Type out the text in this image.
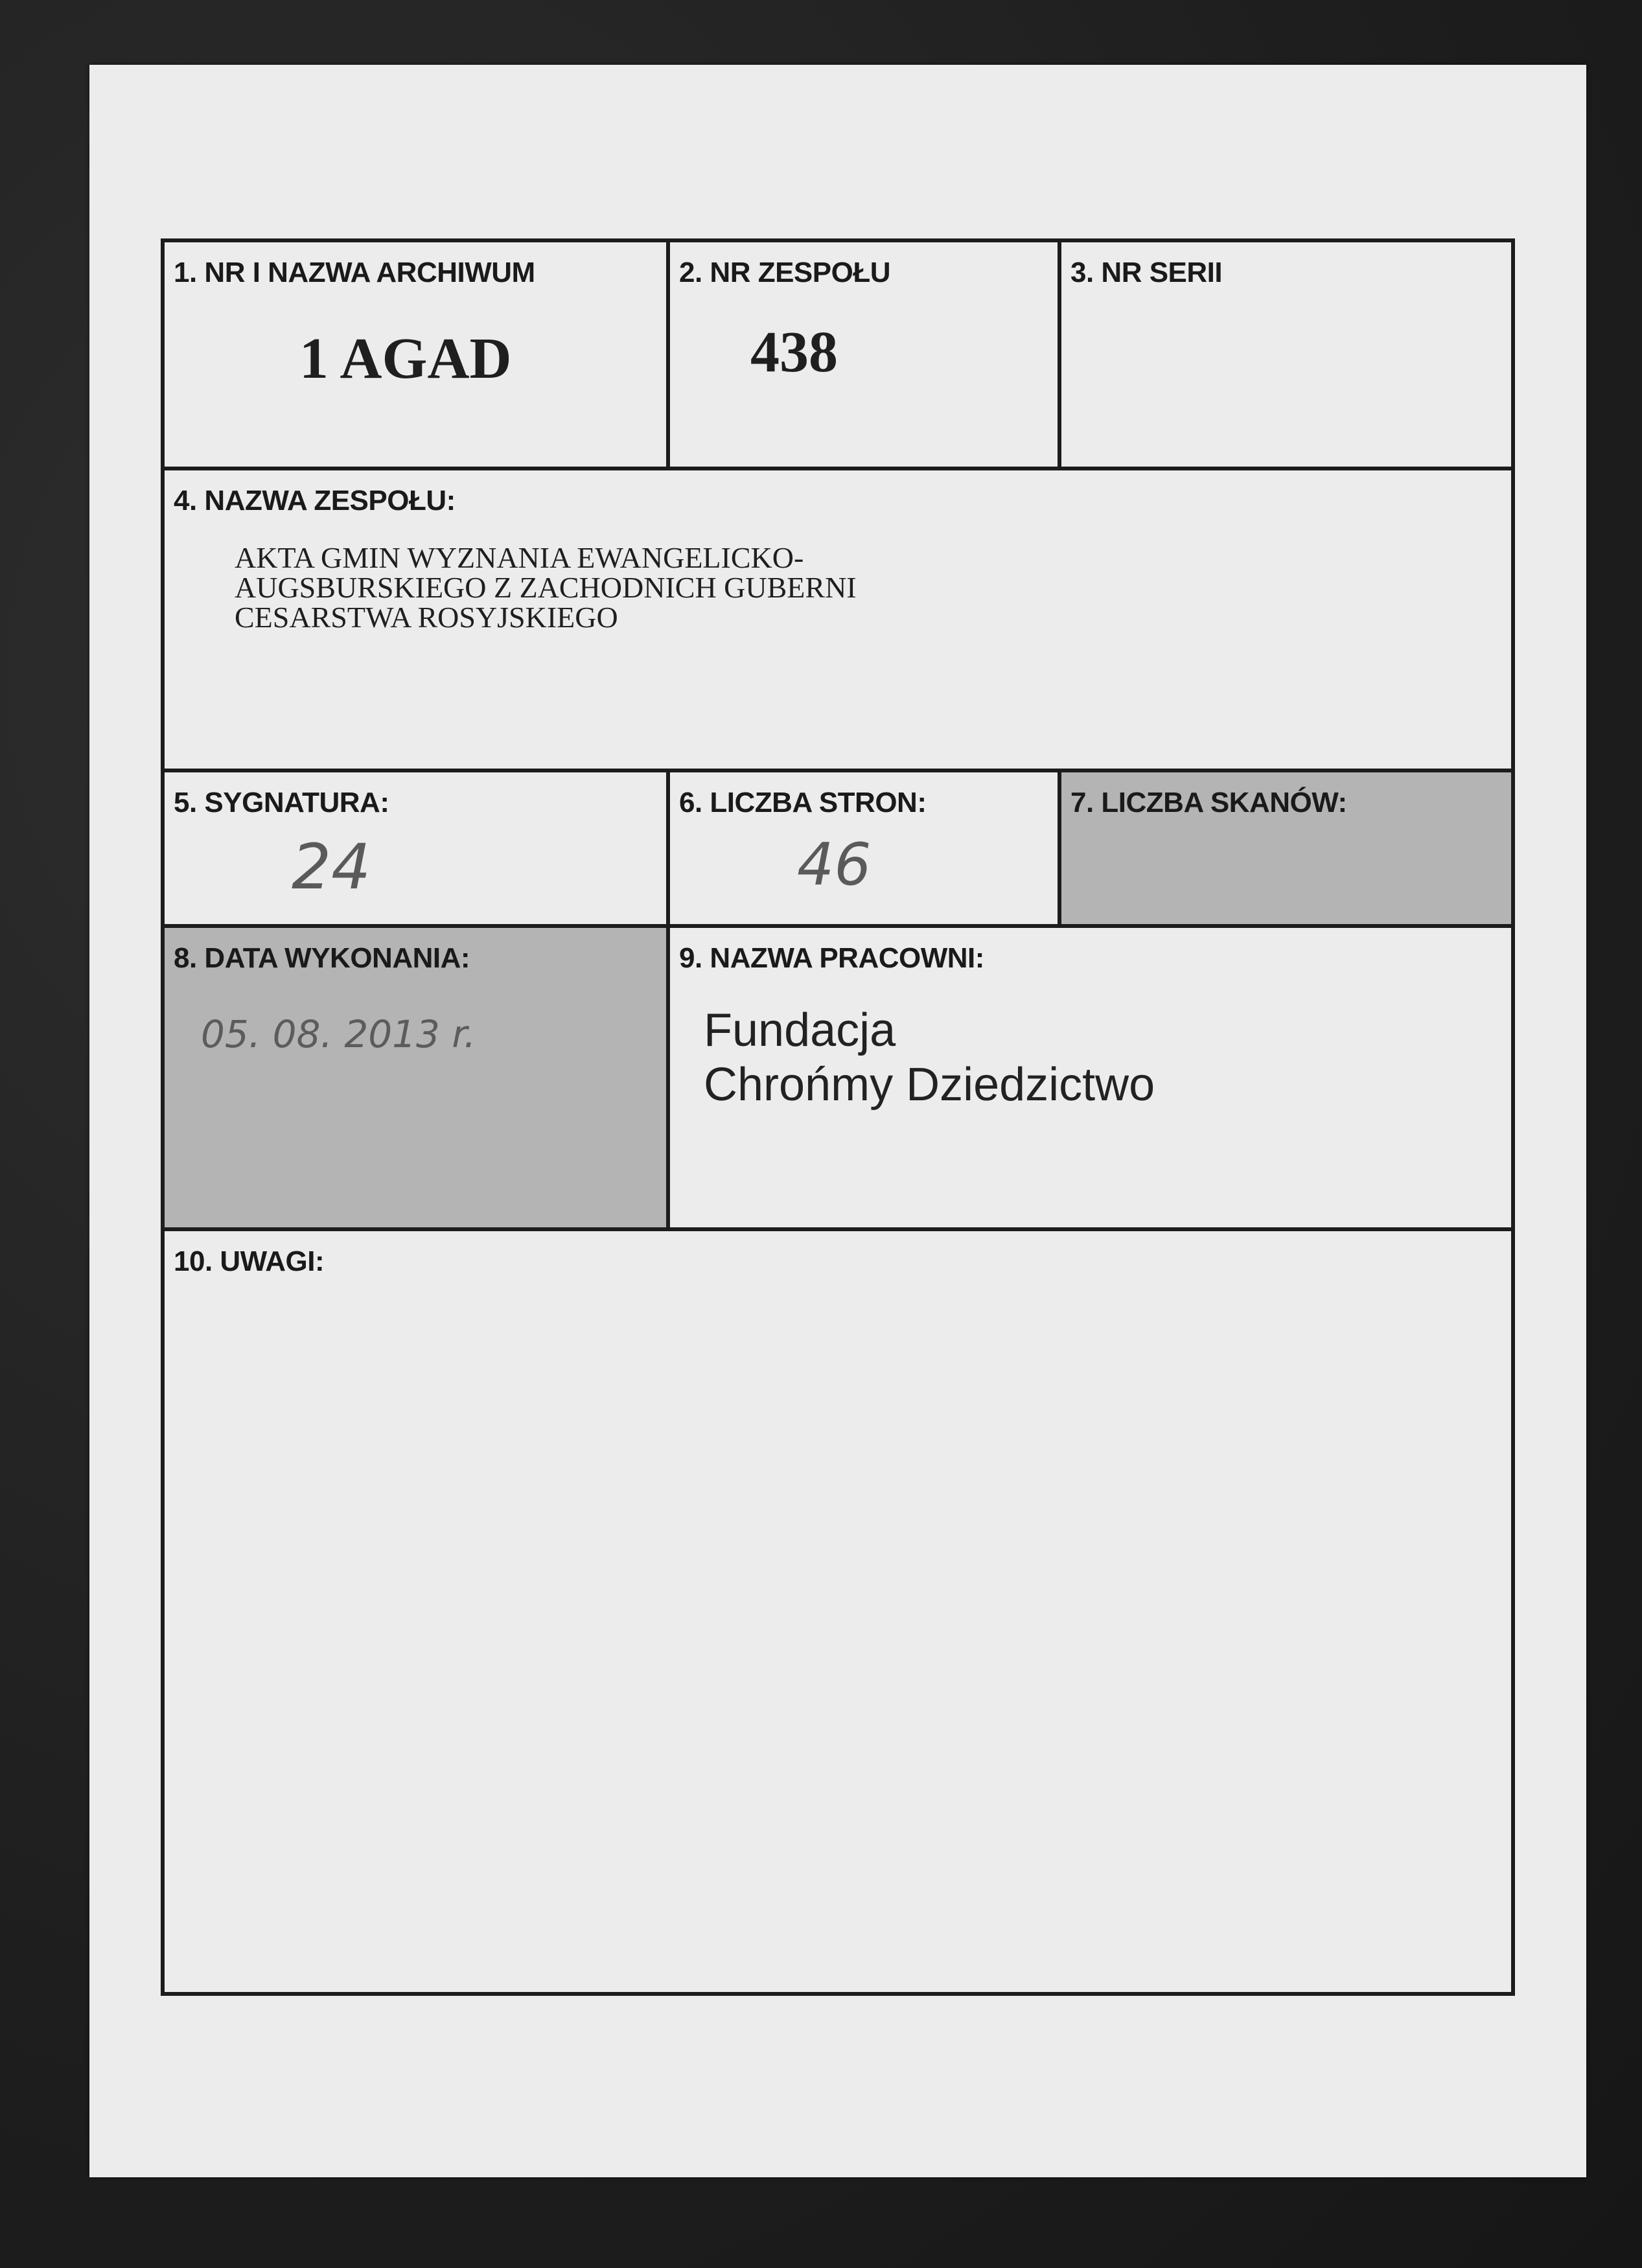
1. NR I NAZWA ARCHIWUM
1 AGAD
2. NR ZESPOŁU
438
3. NR SERII
4. NAZWA ZESPOŁU:
AKTA GMIN WYZNANIA EWANGELICKO-
AUGSBURSKIEGO Z ZACHODNICH GUBERNI
CESARSTWA ROSYJSKIEGO
5. SYGNATURA:
24
6. LICZBA STRON:
46
7. LICZBA SKANÓW:
8. DATA WYKONANIA:
05. 08. 2013 r.
9. NAZWA PRACOWNI:
Fundacja
Chrońmy Dziedzictwo
10. UWAGI:
